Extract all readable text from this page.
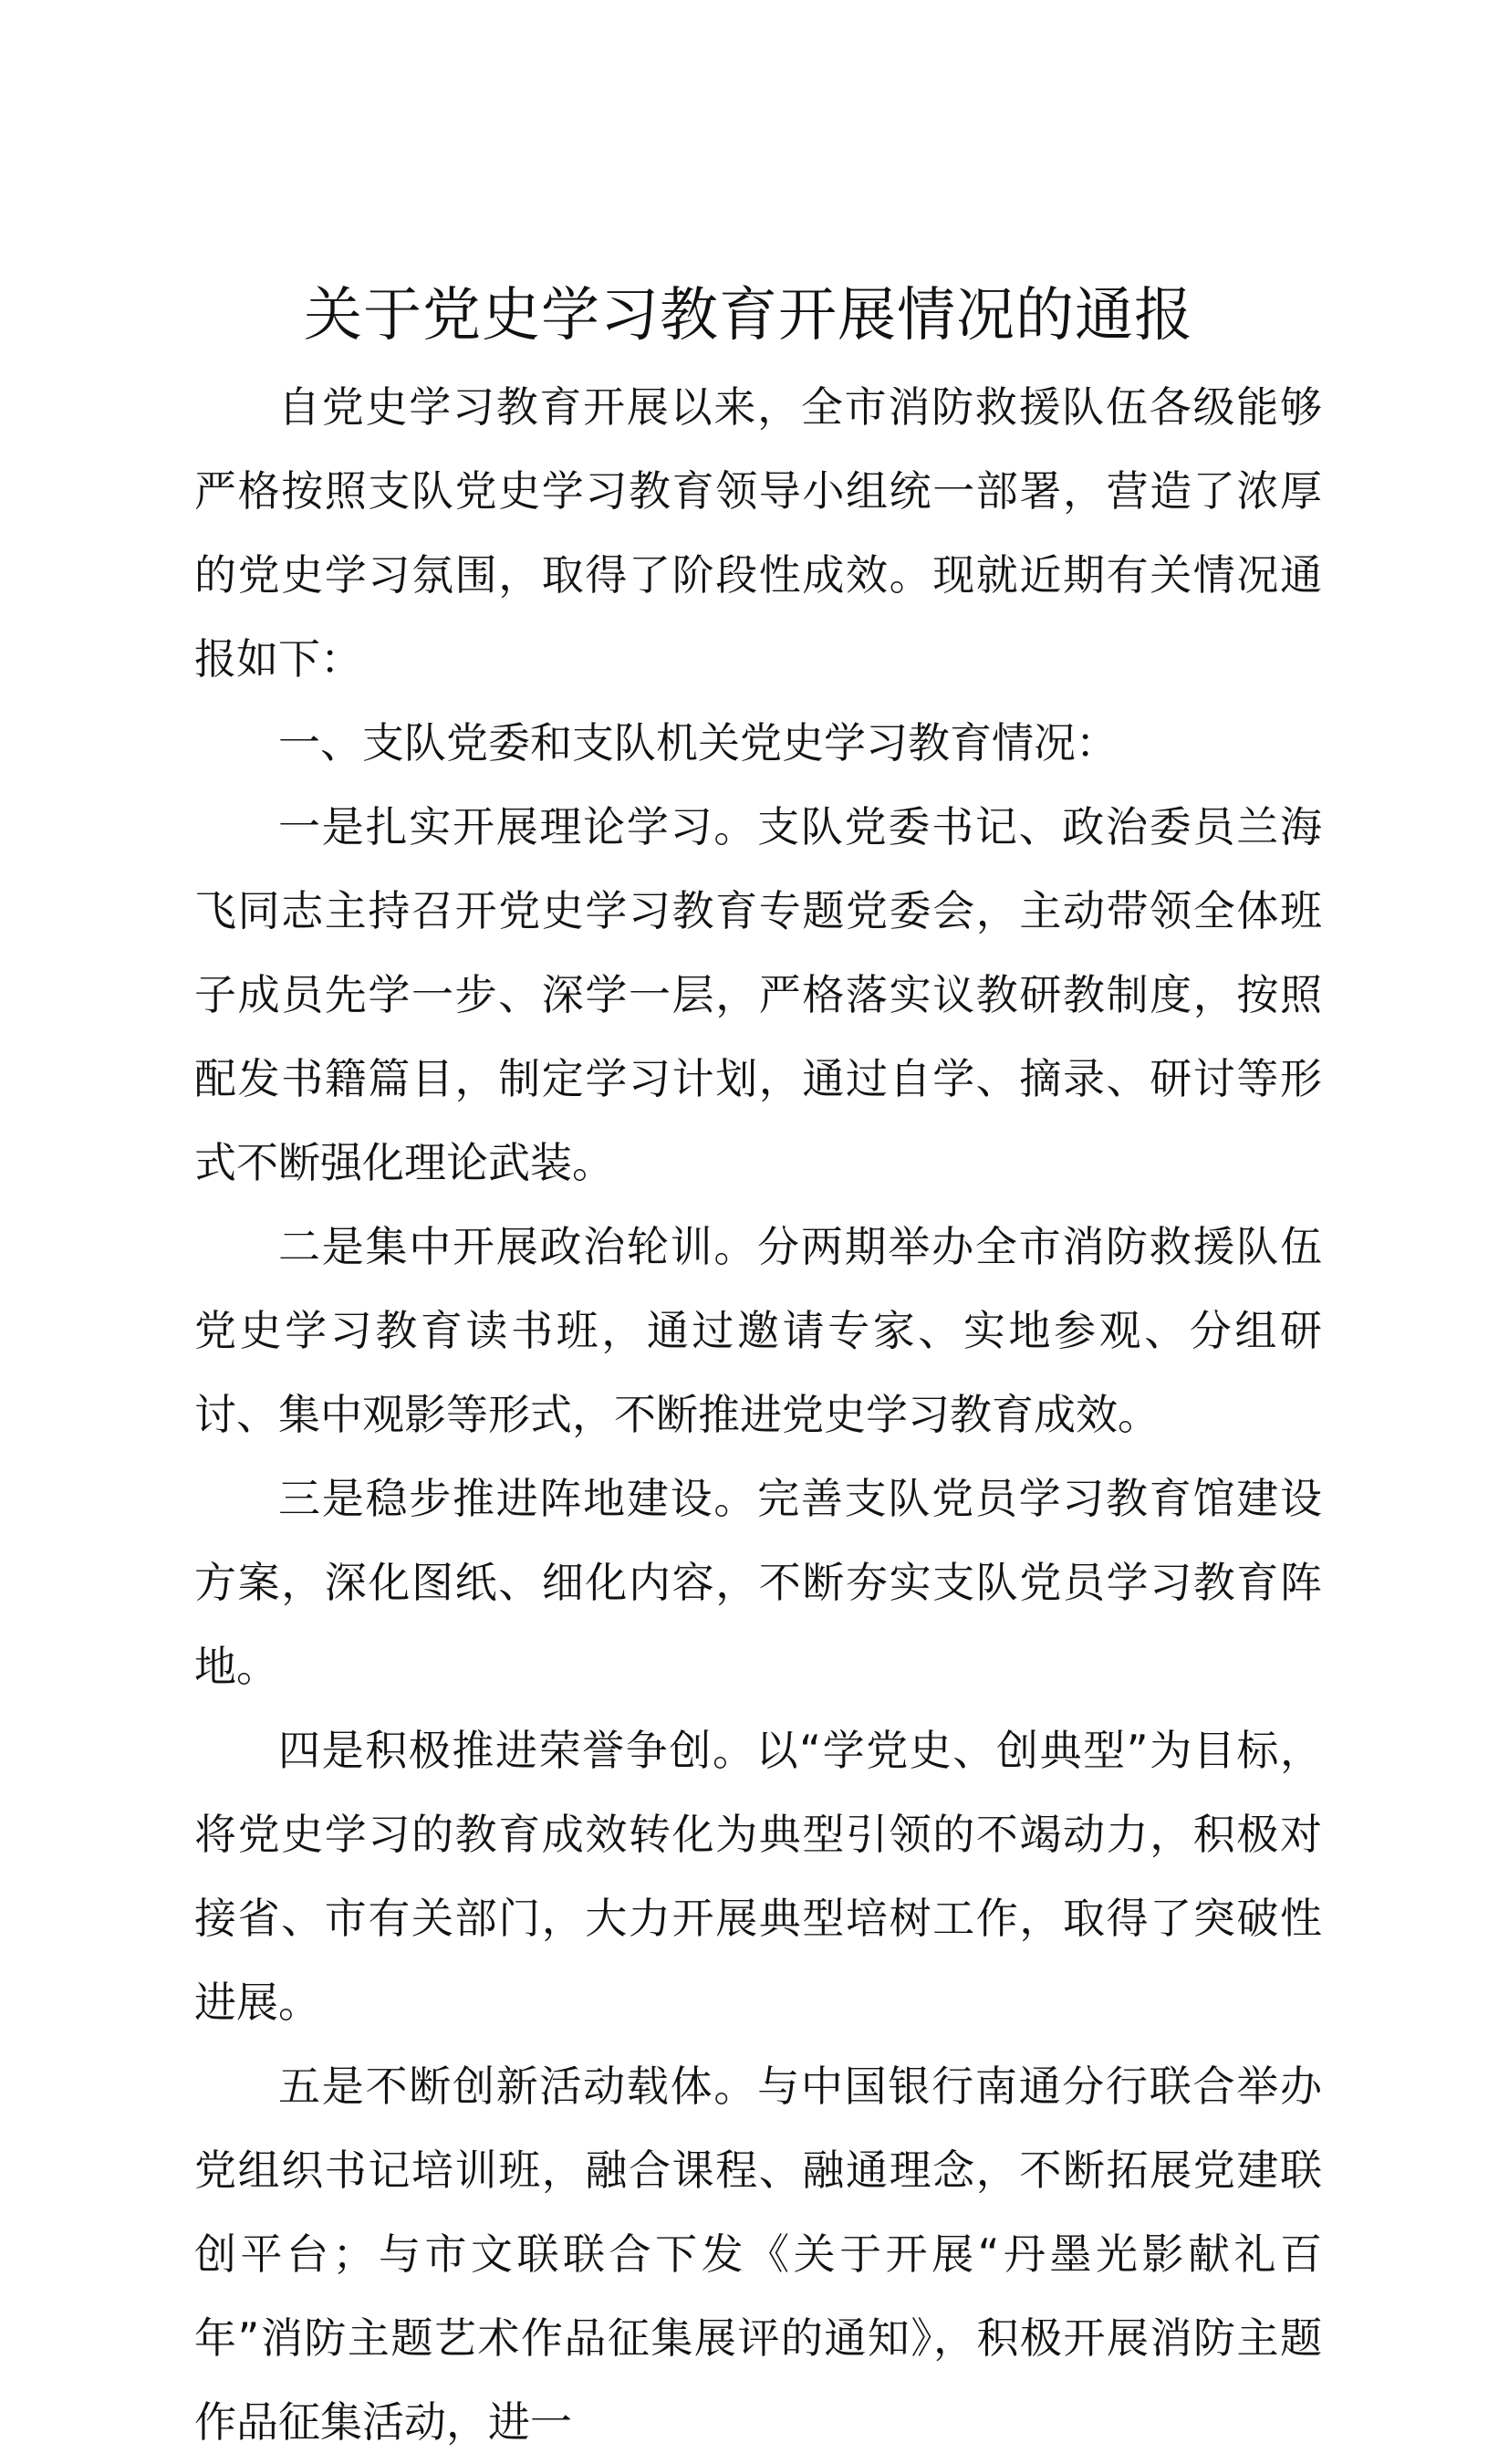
关于党史学习教育开展情况的通报

自党史学习教育开展以来，全市消防救援队伍各级能够严格按照支队党史学习教育领导小组统一部署，营造了浓厚的党史学习氛围，取得了阶段性成效。现就近期有关情况通报如下：

一、支队党委和支队机关党史学习教育情况：

一是扎实开展理论学习。支队党委书记、政治委员兰海飞同志主持召开党史学习教育专题党委会，主动带领全体班子成员先学一步、深学一层，严格落实议教研教制度，按照配发书籍篇目，制定学习计划，通过自学、摘录、研讨等形式不断强化理论武装。

二是集中开展政治轮训。分两期举办全市消防救援队伍党史学习教育读书班，通过邀请专家、实地参观、分组研讨、集中观影等形式，不断推进党史学习教育成效。

三是稳步推进阵地建设。完善支队党员学习教育馆建设方案，深化图纸、细化内容，不断夯实支队党员学习教育阵地。

四是积极推进荣誉争创。以“学党史、创典型”为目标，将党史学习的教育成效转化为典型引领的不竭动力，积极对接省、市有关部门，大力开展典型培树工作，取得了突破性进展。

五是不断创新活动载体。与中国银行南通分行联合举办党组织书记培训班，融合课程、融通理念，不断拓展党建联创平台；与市文联联合下发《关于开展“丹墨光影献礼百年”消防主题艺术作品征集展评的通知》，积极开展消防主题作品征集活动，进一
